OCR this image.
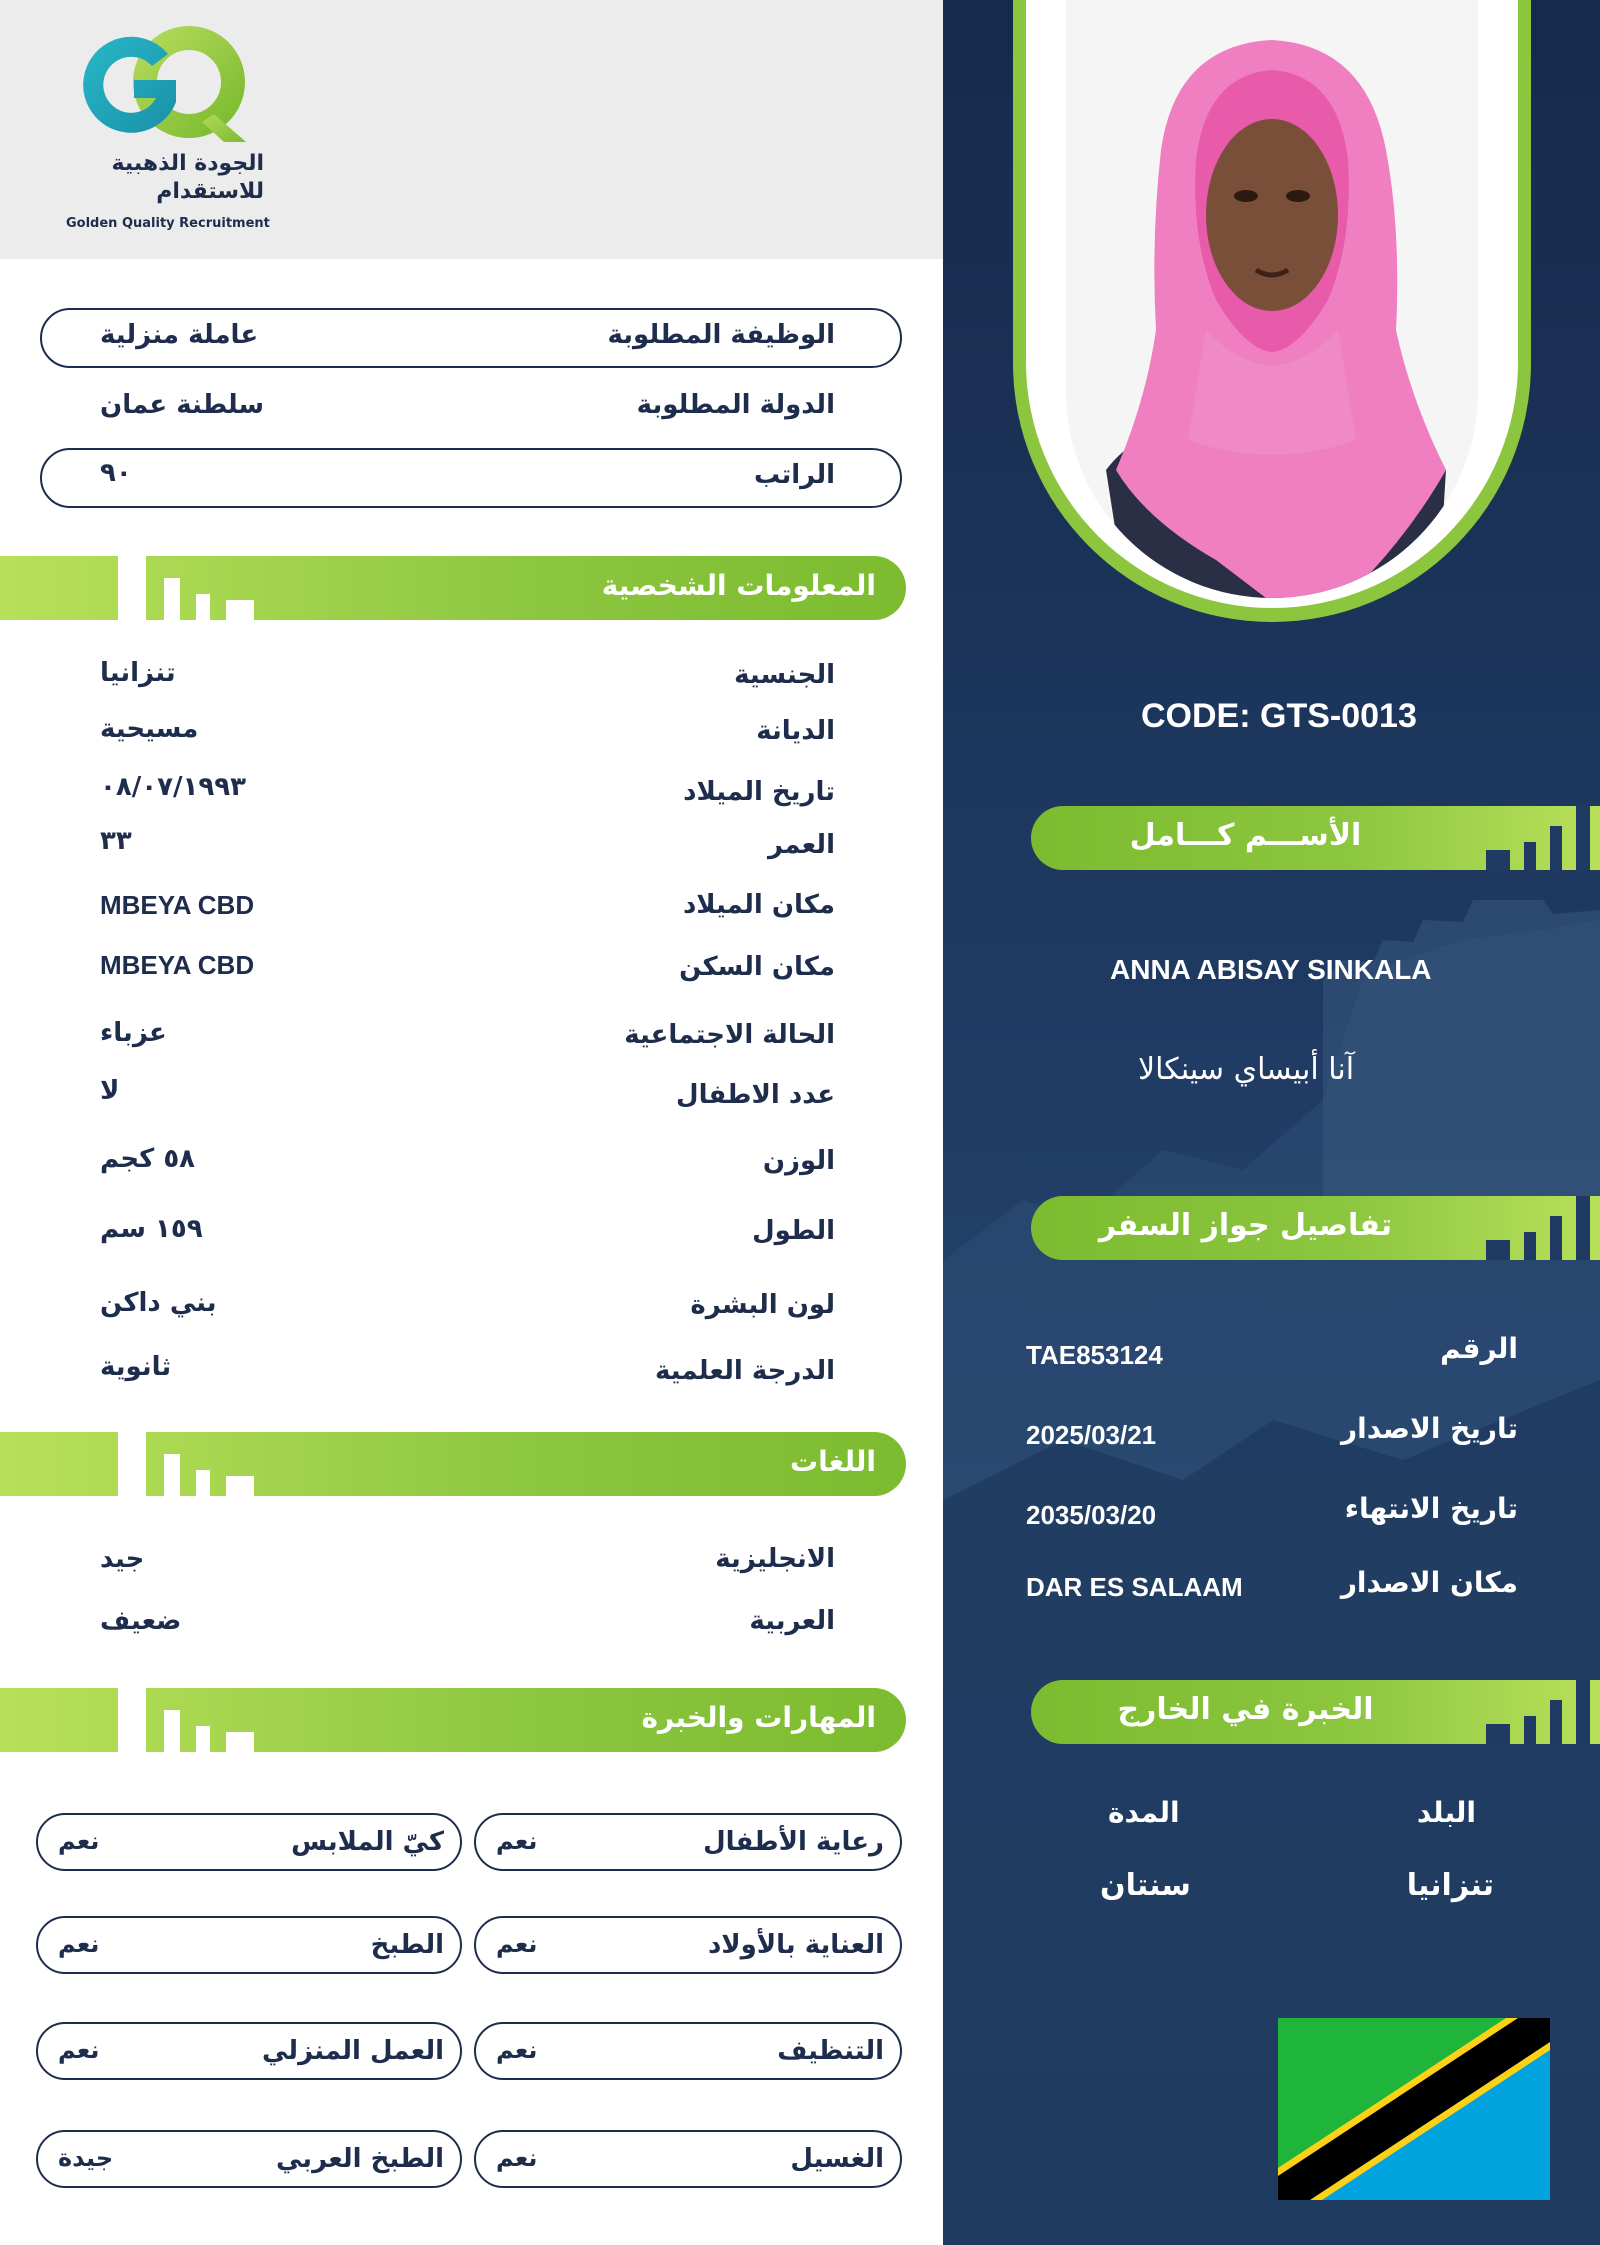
الجودة الذهبية
للاستقدام
Golden Quality Recruitment
الوظيفة المطلوبة
عاملة منزلية
الدولة المطلوبة
سلطنة عمان
الراتب
٩٠
المعلومات الشخصية
الجنسية
تنزانيا
الديانة
مسيحية
تاريخ الميلاد
٠٨/٠٧/١٩٩٣
العمر
٣٣
مكان الميلاد
MBEYA CBD
مكان السكن
MBEYA CBD
الحالة الاجتماعية
عزباء
عدد الاطفال
لا
الوزن
٥٨ كجم
الطول
١٥٩ سم
لون البشرة
بني داكن
الدرجة العلمية
ثانوية
اللغات
الانجليزية
جيد
العربية
ضعيف
المهارات والخبرة
رعاية الأطفال
نعم
كيّ الملابس
نعم
العناية بالأولاد
نعم
الطبخ
نعم
التنظيف
نعم
العمل المنزلي
نعم
الغسيل
نعم
الطبخ العربي
جيدة
CODE: GTS-0013
الأســـم كـــامل
ANNA ABISAY SINKALA
آنا أبيساي سينكالا
تفاصيل جواز السفر
الرقم
TAE853124
تاريخ الاصدار
2025/03/21
تاريخ الانتهاء
2035/03/20
مكان الاصدار
DAR ES SALAAM
الخبرة في الخارج
البلد
المدة
تنزانيا
سنتان
